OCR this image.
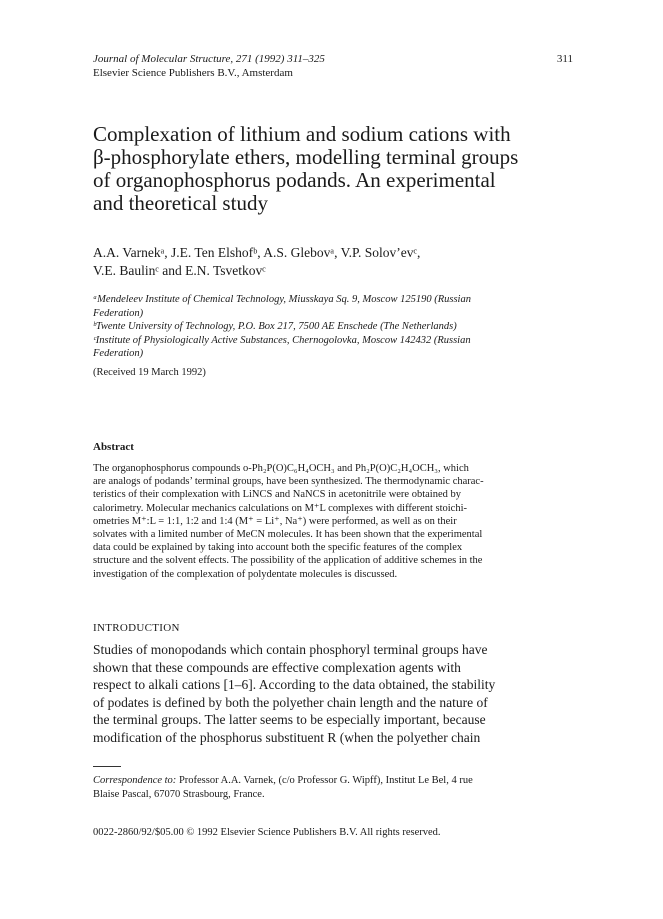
Journal of Molecular Structure, 271 (1992) 311–325
Elsevier Science Publishers B.V., Amsterdam
311
Complexation of lithium and sodium cations with
β-phosphorylate ethers, modelling terminal groups
of organophosphorus podands. An experimental
and theoretical study
A.A. Varnekᵃ, J.E. Ten Elshofᵇ, A.S. Glebovᵃ, V.P. Solov’evᶜ,
V.E. Baulinᶜ and E.N. Tsvetkovᶜ
ᵃMendeleev Institute of Chemical Technology, Miusskaya Sq. 9, Moscow 125190 (Russian
Federation)
ᵇTwente University of Technology, P.O. Box 217, 7500 AE Enschede (The Netherlands)
ᶜInstitute of Physiologically Active Substances, Chernogolovka, Moscow 142432 (Russian
Federation)
(Received 19 March 1992)
Abstract
The organophosphorus compounds o-Ph₂P(O)C₆H₄OCH₃ and Ph₂P(O)C₂H₄OCH₃, which
are analogs of podands’ terminal groups, have been synthesized. The thermodynamic charac-
teristics of their complexation with LiNCS and NaNCS in acetonitrile were obtained by
calorimetry. Molecular mechanics calculations on M⁺L complexes with different stoichi-
ometries M⁺:L = 1:1, 1:2 and 1:4 (M⁺ = Li⁺, Na⁺) were performed, as well as on their
solvates with a limited number of MeCN molecules. It has been shown that the experimental
data could be explained by taking into account both the specific features of the complex
structure and the solvent effects. The possibility of the application of additive schemes in the
investigation of the complexation of polydentate molecules is discussed.
INTRODUCTION
Studies of monopodands which contain phosphoryl terminal groups have
shown that these compounds are effective complexation agents with
respect to alkali cations [1–6]. According to the data obtained, the stability
of podates is defined by both the polyether chain length and the nature of
the terminal groups. The latter seems to be especially important, because
modification of the phosphorus substituent R (when the polyether chain
Correspondence to: Professor A.A. Varnek, (c/o Professor G. Wipff), Institut Le Bel, 4 rue
Blaise Pascal, 67070 Strasbourg, France.
0022-2860/92/$05.00 © 1992 Elsevier Science Publishers B.V. All rights reserved.
